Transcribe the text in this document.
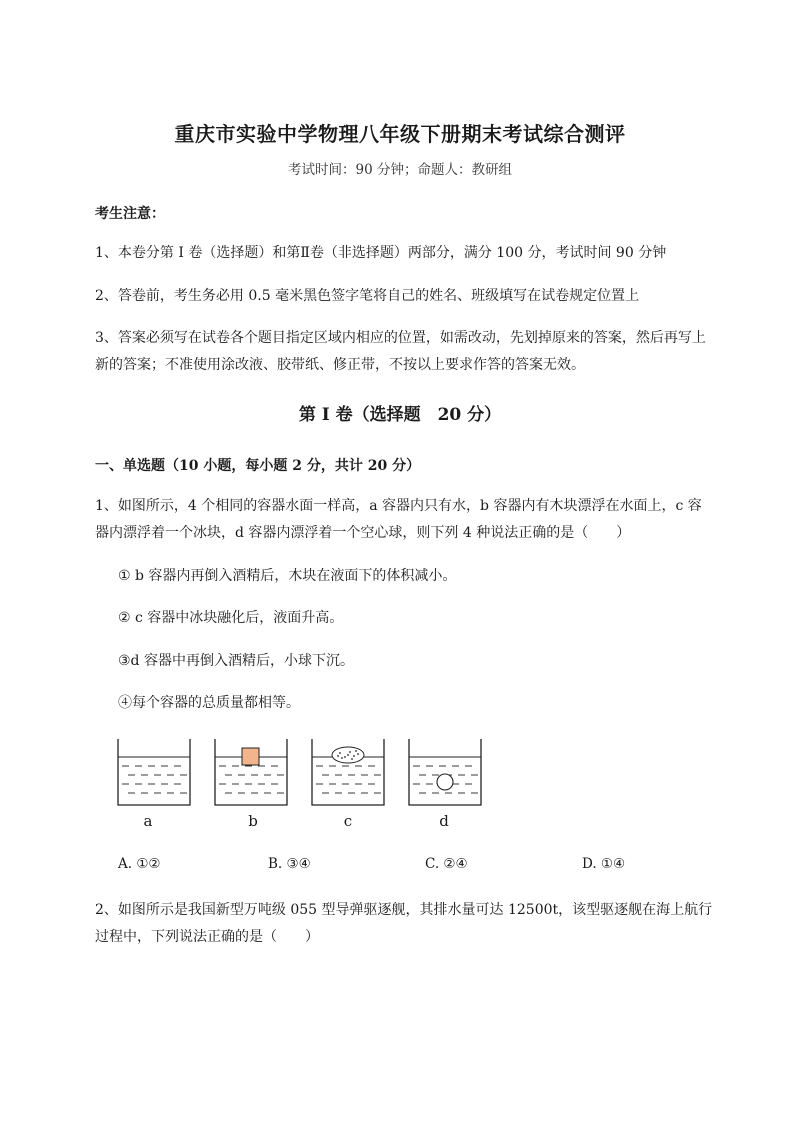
重庆市实验中学物理八年级下册期末考试综合测评
考试时间：90 分钟；命题人：教研组
考生注意：
1、本卷分第 I 卷（选择题）和第Ⅱ卷（非选择题）两部分，满分 100 分，考试时间 90 分钟
2、答卷前，考生务必用 0.5 毫米黑色签字笔将自己的姓名、班级填写在试卷规定位置上
3、答案必须写在试卷各个题目指定区域内相应的位置，如需改动，先划掉原来的答案，然后再写上新的答案；不准使用涂改液、胶带纸、修正带，不按以上要求作答的答案无效。
第 I 卷（选择题　20 分）
一、单选题（10 小题，每小题 2 分，共计 20 分）
1、如图所示，4 个相同的容器水面一样高，a 容器内只有水，b 容器内有木块漂浮在水面上，c 容器内漂浮着一个冰块，d 容器内漂浮着一个空心球，则下列 4 种说法正确的是（　　）
① b 容器内再倒入酒精后，木块在液面下的体积减小。
② c 容器中冰块融化后，液面升高。
③d 容器中再倒入酒精后，小球下沉。
④每个容器的总质量都相等。
a	b	c	d
A. ①②	B. ③④	C. ②④	D. ①④
2、如图所示是我国新型万吨级 055 型导弹驱逐舰，其排水量可达 12500t，该型驱逐舰在海上航行过程中，下列说法正确的是（　　）
